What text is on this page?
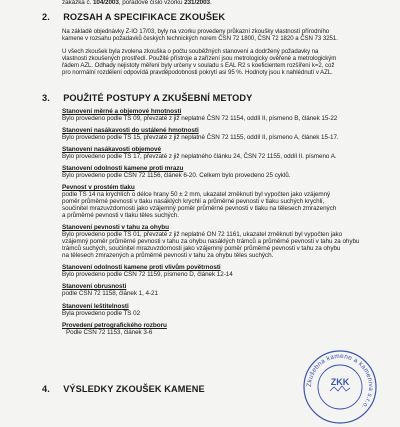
zakázka č. 104/2003, pořadové číslo vzorku 231/2003.
2. ROZSAH A SPECIFIKACE ZKOUŠEK
Na základě objednávky Z-IO 17/03, byly na vzorku provedeny průkazní zkoušky vlastností přírodního
kamene v rozsahu požadavků českých technických norem ČSN 72 1800, ČSN 72 1820 a ČSN 73 3251.
U všech zkoušek byla zvolena zkouška o počtu souběžných stanovení a dodržený požadavky na
vlastnosti zkoušených prostředí. Použité přístroje a zařízení jsou metrologicky ověřené a metrologickým
řádem AZL. Odhady nejistoty měření byly určeny v souladu s EAL R2 s koeficientem rozšíření k=2, což
pro normální rozdělení odpovídá pravděpodobnosti pokrytí asi 95 %. Hodnoty jsou k nahlédnutí v AZL.
3. POUŽITÉ POSTUPY A ZKUŠEBNÍ METODY
Stanovení měrné a objemové hmotnosti
Bylo provedeno podle TS 09, převzaté z již neplatné ČSN 72 1154, oddíl II, písmeno B, článek 15-22
Stanovení nasákavosti do ustálené hmotnosti
Bylo provedeno podle TS 15, převzaté z již neplatné ČSN 72 1155, oddíl II, písmeno A, článek 15-17.
Stanovení nasákavosti objemové
Bylo provedeno podle TS 17, převzaté z již neplatného článku 24, ČSN 72 1155, oddíl II. písmeno A.
Stanovení odolnosti kamene proti mrazu
Bylo provedeno podle ČSN 72 1156, článek 6-20. Celkem bylo provedeno 25 cyklů.
Pevnost v prostém tlaku
podle TS 14 na krychlích o délce hrany 50 ± 2 mm, ukazatel změknutí byl vypočten jako vzájemný
poměr průměrné pevnosti v tlaku nasáklých krychlí a průměrné pevnosti v tlaku suchých krychlí,
součinitel mrazuvzdornosti jako vzájemný poměr průměrné pevnosti v tlaku na tělesech zmrazených
a průměrné pevnosti v tlaku těles suchých.
Stanovení pevnosti v tahu za ohybu
Bylo provedeno podle TS 01, převzaté z již neplatné ON 72 1161, ukazatel změknutí byl vypočten jako
vzájemný poměr průměrné pevnosti v tahu za ohybu nasáklých trámců a průměrné pevnosti v tahu za ohybu
trámců suchých, součinitel mrazuvzdornosti jako vzájemný poměr průměrné pevnosti v tahu za ohybu
na tělesech zmrazených a průměrné pevnosti v tahu za ohybu těles suchých.
Stanovení odolnosti kamene proti vlivům povětrnosti
Bylo provedeno podle ČSN 72 1159, písmeno D, článek 12-14
Stanovení obrusnosti
podle ČSN 72 1158, článek 1, 4-21
Stanovení leštitelnosti
Byla provedeno podle TS 02
Provedení petrografického rozboru
Podle ČSN 72 1153, článek 3-6
4. VÝSLEDKY ZKOUŠEK KAMENE	Zkušebna kamene a kameniva s.r.o.
ZKK
